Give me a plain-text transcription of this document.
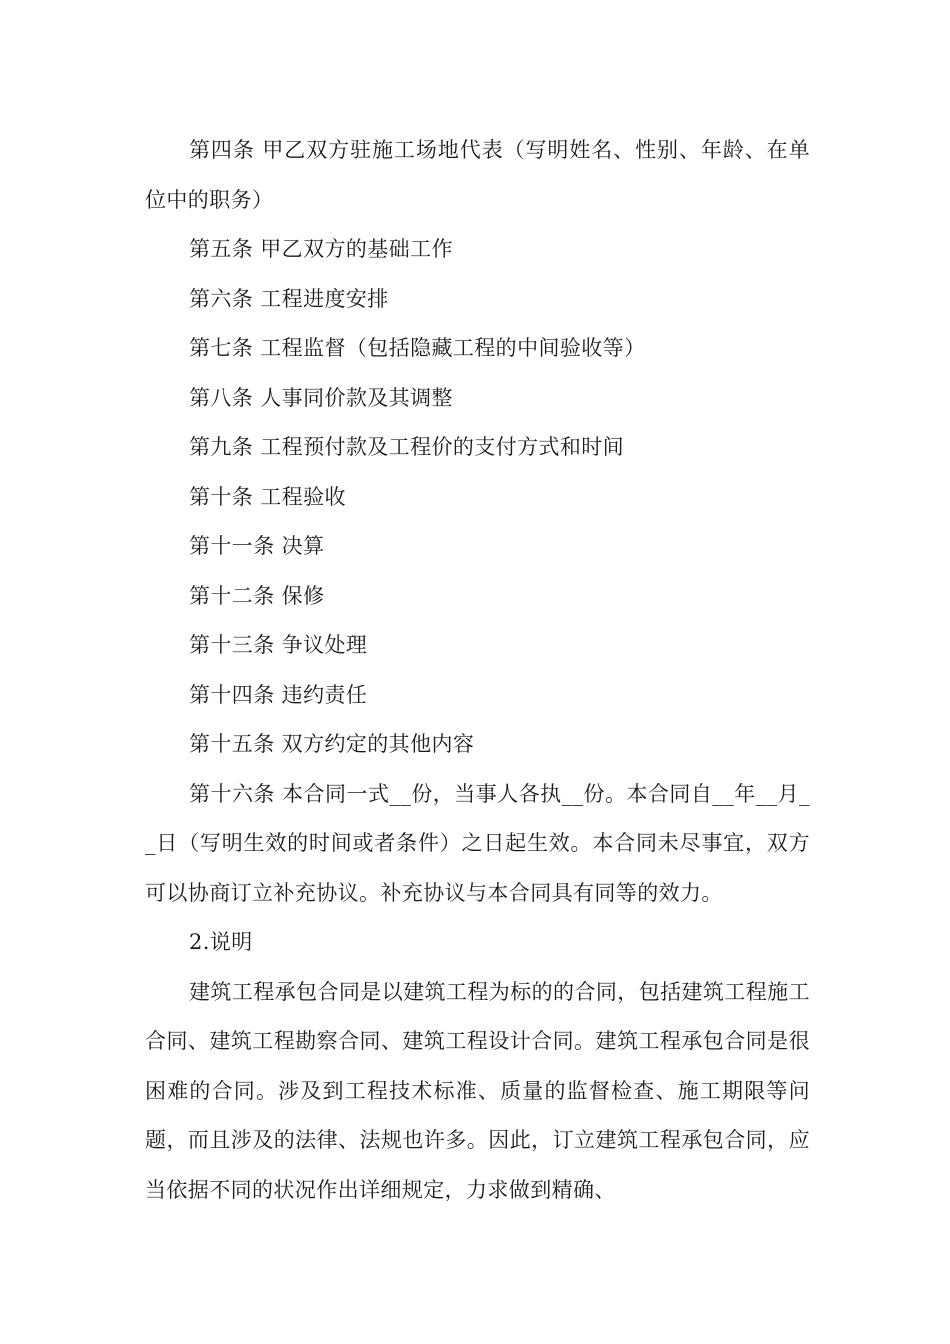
第四条 甲乙双方驻施工场地代表（写明姓名、性别、年龄、在单位中的职务）

第五条 甲乙双方的基础工作

第六条 工程进度安排

第七条 工程监督（包括隐藏工程的中间验收等）

第八条 人事同价款及其调整

第九条 工程预付款及工程价的支付方式和时间

第十条 工程验收

第十一条 决算

第十二条 保修

第十三条 争议处理

第十四条 违约责任

第十五条 双方约定的其他内容

第十六条 本合同一式__份，当事人各执__份。本合同自__年__月__日（写明生效的时间或者条件）之日起生效。本合同未尽事宜，双方可以协商订立补充协议。补充协议与本合同具有同等的效力。

2.说明

建筑工程承包合同是以建筑工程为标的的合同，包括建筑工程施工合同、建筑工程勘察合同、建筑工程设计合同。建筑工程承包合同是很困难的合同。涉及到工程技术标准、质量的监督检查、施工期限等问题，而且涉及的法律、法规也许多。因此，订立建筑工程承包合同，应当依据不同的状况作出详细规定，力求做到精确、
